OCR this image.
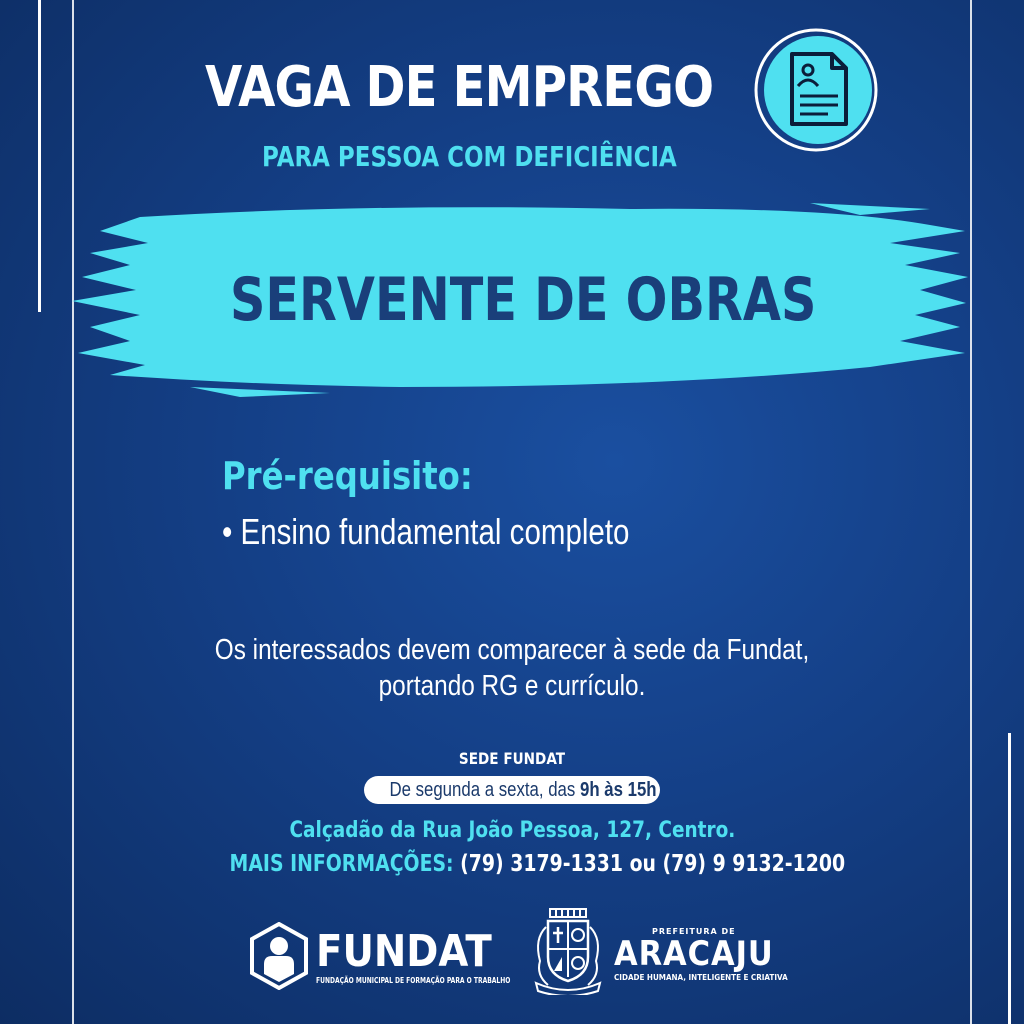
VAGA DE EMPREGO
PARA PESSOA COM DEFICIÊNCIA
SERVENTE DE OBRAS
Pré-requisito:
• Ensino fundamental completo
Os interessados devem comparecer à sede da Fundat,
portando RG e currículo.
SEDE FUNDAT
De segunda a sexta, das 9h às 15h
Calçadão da Rua João Pessoa, 127, Centro.
MAIS INFORMAÇÕES: (79) 3179-1331 ou (79) 9 9132-1200
FUNDAT
FUNDAÇÃO MUNICIPAL DE FORMAÇÃO PARA O TRABALHO
PREFEITURA DE
ARACAJU
CIDADE HUMANA, INTELIGENTE E CRIATIVA
